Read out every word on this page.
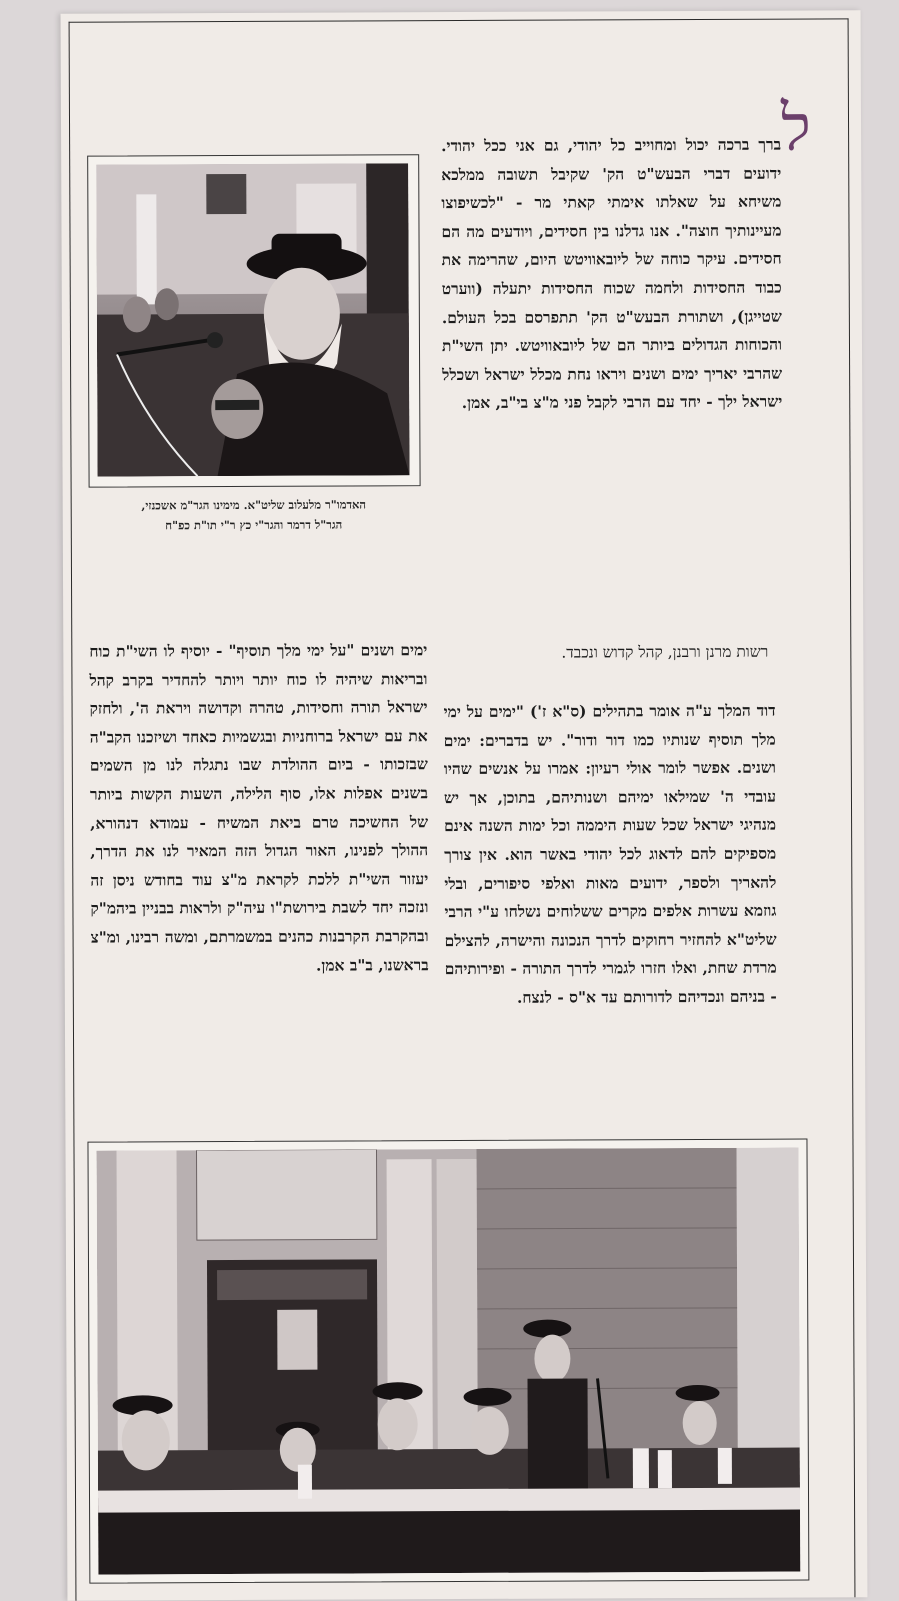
ל

ברך ברכה יכול ומחוייב כל יהודי, גם אני ככל יהודי. ידועים דברי הבעש"ט הק' שקיבל תשובה ממלכא משיחא על שאלתו אימתי קאתי מר - "לכשיפוצו מעיינותיך חוצה". אנו גדלנו בין חסידים, ויודעים מה הם חסידים. עיקר כוחה של ליובאוויטש היום, שהרימה את כבוד החסידות ולחמה שכוח החסידות יתעלה (ווערט שטייגן), ושתורת הבעש"ט הק' תתפרסם בכל העולם. והכוחות הגדולים ביותר הם של ליובאוויטש. יתן השי"ת שהרבי יאריך ימים ושנים ויראו נחת מכלל ישראל ושכלל ישראל ילך - יחד עם הרבי לקבל פני מ"צ בי"ב, אמן.

האדמו"ר מלעלוב שליט"א. מימינו הגר"מ אשכנזי,
הגר"ל דרמר והגר"י כץ ר"י תו"ת כפ"ח
רשות מרנן ורבנן, קהל קדוש ונכבד.

דוד המלך ע"ה אומר בתהילים (ס"א ז') "ימים על ימי מלך תוסיף שנותיו כמו דור ודור". יש בדברים: ימים ושנים. אפשר לומר אולי רעיון: אמרו על אנשים שהיו עובדי ה' שמילאו ימיהם ושנותיהם, בתוכן, אך יש מנהיגי ישראל שכל שעות היממה וכל ימות השנה אינם מספיקים להם לדאוג לכל יהודי באשר הוא. אין צורך להאריך ולספר, ידועים מאות ואלפי סיפורים, ובלי גוזמא עשרות אלפים מקרים ששלוחים נשלחו ע"י הרבי שליט"א להחזיר רחוקים לדרך הנכונה והישרה, להצילם מרדת שחת, ואלו חזרו לגמרי לדרך התורה - ופירותיהם - בניהם ונכדיהם לדורותם עד א"ס - לנצח.

ימים ושנים "על ימי מלך תוסיף" - יוסיף לו השי"ת כוח ובריאות שיהיה לו כוח יותר ויותר להחדיר בקרב קהל ישראל תורה וחסידות, טהרה וקדושה ויראת ה', ולחזק את עם ישראל ברוחניות ובגשמיות כאחד ושיזכנו הקב"ה שבזכותו - ביום ההולדת שבו נתגלה לנו מן השמים בשנים אפלות אלו, סוף הלילה, השעות הקשות ביותר של החשיכה טרם ביאת המשיח - עמודא דנהורא, ההולך לפנינו, האור הגדול הזה המאיר לנו את הדרך, יעזור השי"ת ללכת לקראת מ"צ עוד בחודש ניסן זה ונזכה יחד לשבת בירושת"ו עיה"ק ולראות בבניין ביהמ"ק ובהקרבת הקרבנות כהנים במשמרתם, ומשה רבינו, ומ"צ בראשנו, ב"ב אמן.
